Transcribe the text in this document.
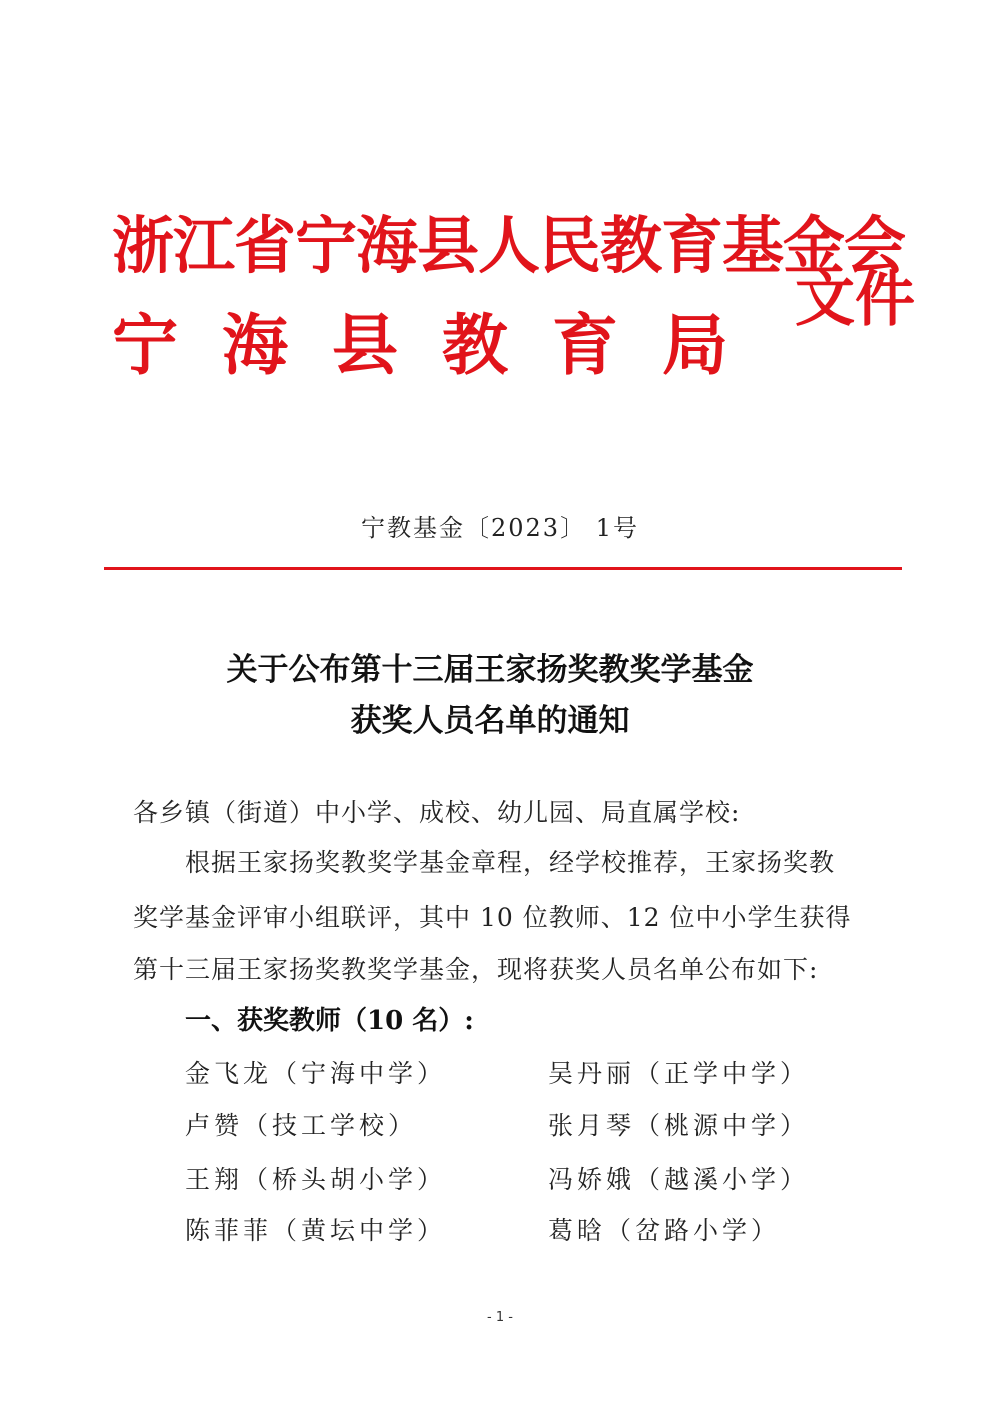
浙江省宁海县人民教育基金会
宁海县教育局
文件
宁教基金〔2023〕 1号
关于公布第十三届王家扬奖教奖学基金
获奖人员名单的通知
各乡镇（街道）中小学、成校、幼儿园、局直属学校:
根据王家扬奖教奖学基金章程，经学校推荐，王家扬奖教
奖学基金评审小组联评，其中 10 位教师、12 位中小学生获得
第十三届王家扬奖教奖学基金，现将获奖人员名单公布如下:
一、获奖教师（10 名）:
金飞龙（宁海中学）	吴丹丽（正学中学）
卢赞（技工学校）	张月琴（桃源中学）
王翔（桥头胡小学）	冯娇娥（越溪小学）
陈菲菲（黄坛中学）	葛晗（岔路小学）
- 1 -
